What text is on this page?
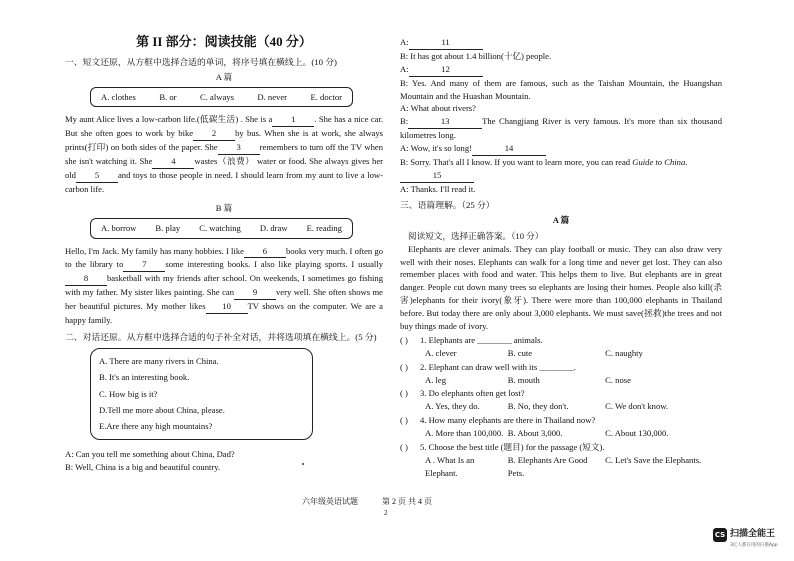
第 II 部分：阅读技能（40 分）

一、短文还原，从方框中选择合适的单词，将序号填在横线上。(10 分)

A 篇

A. clothes	B. or	C. always	D. never	E. doctor

My aunt Alice lives a low-carbon life.(低碳生活) . She is a 1 . She has a nice car. But she often goes to work by bike 2 by bus. When she is at work, she always prints(打印) on both sides of the paper. She 3 remembers to turn off the TV when she isn't watching it. She 4 wastes（浪费） water or food. She always gives her old 5 and toys to those people in need. I should learn from my aunt to live a low-carbon life.

B 篇

A. borrow B. play C. watching D. draw E. reading

Hello, I'm Jack. My family has many hobbies. I like 6 books very much. I often go to the library to 7 some interesting books. I also like playing sports. I usually8 basketball with my friends after school. On weekends, I sometimes go fishing with my father. My sister likes painting. She can 9 very well. She often shows me her beautiful pictures. My mother likes 10 TV shows on the computer. We are a happy family.

二、对话还原。从方框中选择合适的句子补全对话，并将选项填在横线上。(5 分)

A. There are many rivers in China.

B. It's an interesting book.

C. How big is it?

D.Tell me more about China, please.

E.Are there any high mountains?

A: Can you tell me something about China, Dad?

B: Well, China is a big and beautiful country.

A:	11

B: It has got about 1.4 billion(十亿) people.

A:	12

B: Yes. And many of them are famous, such as the Taishan Mountain, the Huangshan Mountain and the Huashan Mountain.

A: What about rivers?

B:	13	The Changjiang River is very famous. It's more than six thousand kilometres long.

A: Wow, it's so long!	14

B: Sorry. That's all I know. If you want to learn more, you can read Guide to China.

15

A: Thanks. I'll read it.

三、语篇理解。（25 分）

A 篇

阅读短文，选择正确答案。（10 分）

Elephants are clever animals. They can play football or music. They can also draw very well with their noses. Elephants can walk for a long time and never get lost. They can also remember places with food and water. This helps them to live. But elephants are in great danger. People cut down many trees so elephants are losing their homes. People also kill(杀害)elephants for their ivory(象牙). There were more than 100,000 elephants in Thailand before. But today there are only about 3,000 elephants. We must save(拯救)the trees and not buy things made of ivory.

( )	1. Elephants are ________ animals.
A. clever	B. cute	C. naughty
( )	2. Elephant can draw well with its ________.
A. leg	B. mouth	C. nose
( )	3. Do elephants often get lost?
A. Yes, they do.	B. No, they don't.	C. We don't know.
( )	4. How many elephants are there in Thailand now?
A. More than 100,000. B. About 3,000.	C. About 130,000.
( )	5. Choose the best title (题目) for the passage (短文).
A . What Is an Elephant.
B. Elephants Are Good Pets.
C. Let's Save the Elephants.
六年级英语试题	第 2 页 共 4 页
2
CS 扫描全能王
3亿人都在用的扫描App
